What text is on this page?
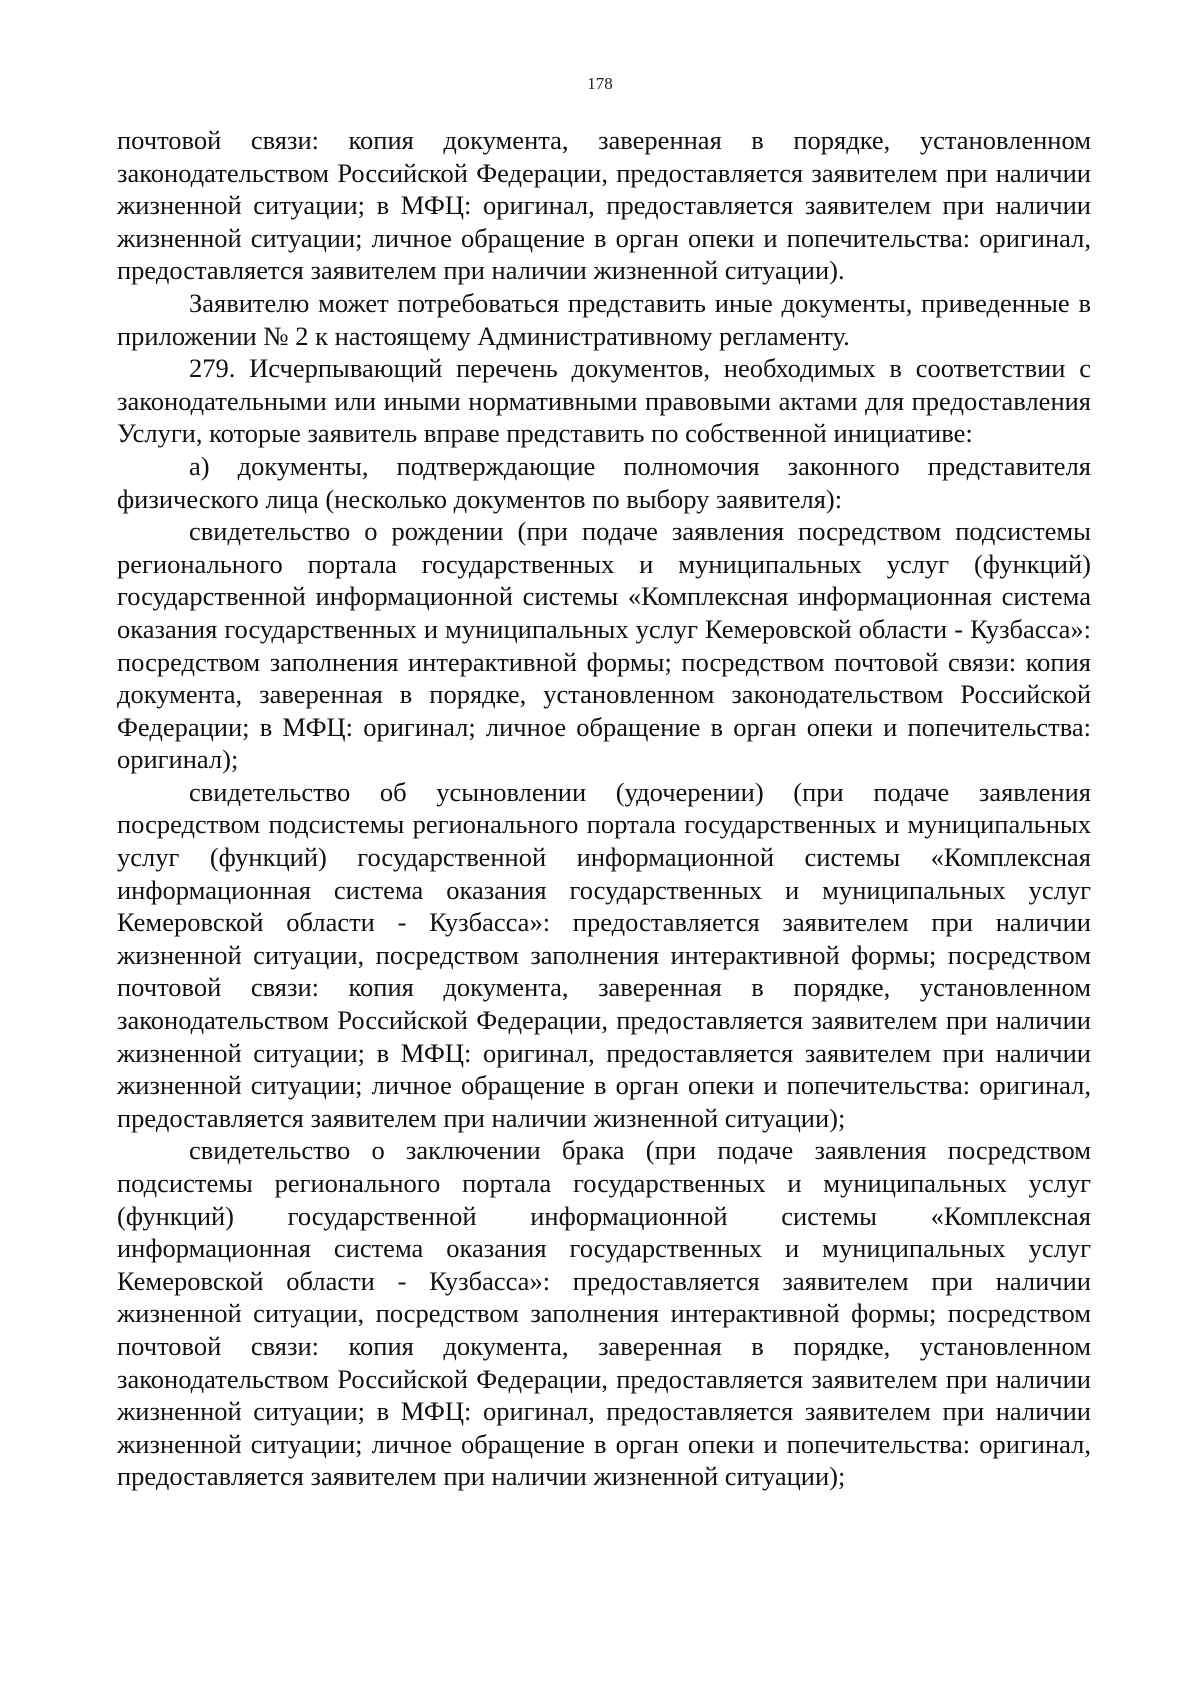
178

почтовой связи: копия документа, заверенная в порядке, установленном законодательством Российской Федерации, предоставляется заявителем при наличии жизненной ситуации; в МФЦ: оригинал, предоставляется заявителем при наличии жизненной ситуации; личное обращение в орган опеки и попечительства: оригинал, предоставляется заявителем при наличии жизненной ситуации).

Заявителю может потребоваться представить иные документы, приведенные в приложении № 2 к настоящему Административному регламенту.

279. Исчерпывающий перечень документов, необходимых в соответствии с законодательными или иными нормативными правовыми актами для предоставления Услуги, которые заявитель вправе представить по собственной инициативе:

а) документы, подтверждающие полномочия законного представителя физического лица (несколько документов по выбору заявителя):

свидетельство о рождении (при подаче заявления посредством подсистемы регионального портала государственных и муниципальных услуг (функций) государственной информационной системы «Комплексная информационная система оказания государственных и муниципальных услуг Кемеровской области - Кузбасса»: посредством заполнения интерактивной формы; посредством почтовой связи: копия документа, заверенная в порядке, установленном законодательством Российской Федерации; в МФЦ: оригинал; личное обращение в орган опеки и попечительства: оригинал);

свидетельство об усыновлении (удочерении) (при подаче заявления посредством подсистемы регионального портала государственных и муниципальных услуг (функций) государственной информационной системы «Комплексная информационная система оказания государственных и муниципальных услуг Кемеровской области - Кузбасса»: предоставляется заявителем при наличии жизненной ситуации, посредством заполнения интерактивной формы; посредством почтовой связи: копия документа, заверенная в порядке, установленном законодательством Российской Федерации, предоставляется заявителем при наличии жизненной ситуации; в МФЦ: оригинал, предоставляется заявителем при наличии жизненной ситуации; личное обращение в орган опеки и попечительства: оригинал, предоставляется заявителем при наличии жизненной ситуации);

свидетельство о заключении брака (при подаче заявления посредством подсистемы регионального портала государственных и муниципальных услуг (функций) государственной информационной системы «Комплексная информационная система оказания государственных и муниципальных услуг Кемеровской области - Кузбасса»: предоставляется заявителем при наличии жизненной ситуации, посредством заполнения интерактивной формы; посредством почтовой связи: копия документа, заверенная в порядке, установленном законодательством Российской Федерации, предоставляется заявителем при наличии жизненной ситуации; в МФЦ: оригинал, предоставляется заявителем при наличии жизненной ситуации; личное обращение в орган опеки и попечительства: оригинал, предоставляется заявителем при наличии жизненной ситуации);
